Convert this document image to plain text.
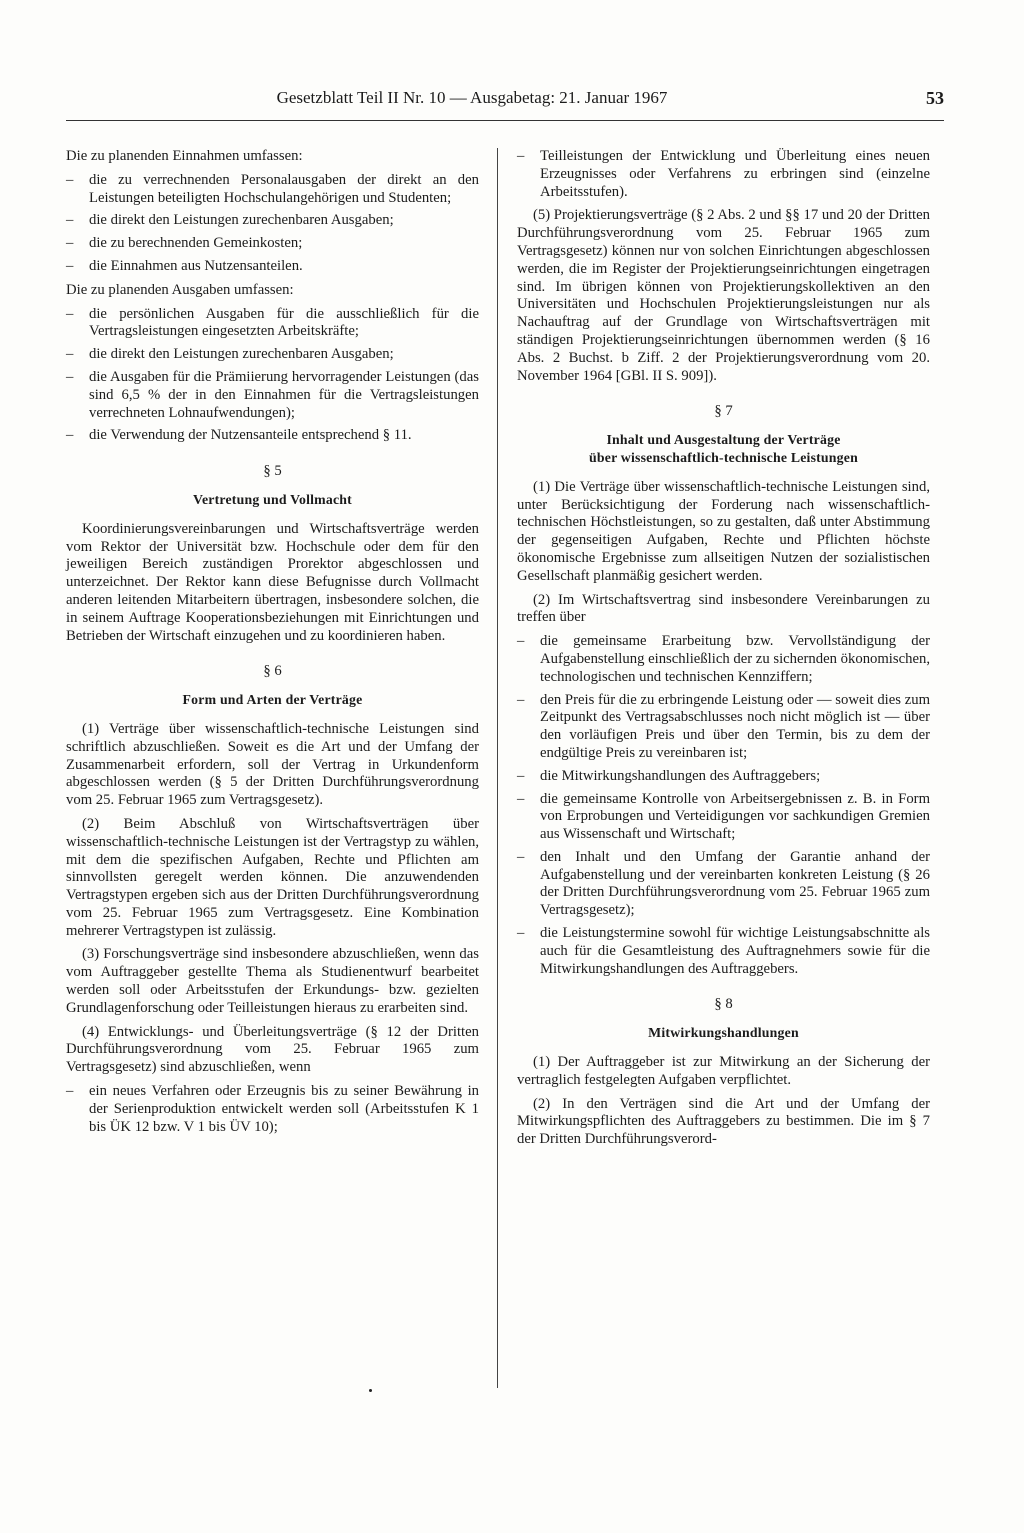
Gesetzblatt Teil II Nr. 10 — Ausgabetag: 21. Januar 1967	53

Die zu planenden Einnahmen umfassen:

– die zu verrechnenden Personalausgaben der direkt an den Leistungen beteiligten Hochschulangehörigen und Studenten;
– die direkt den Leistungen zurechenbaren Ausgaben;
– die zu berechnenden Gemeinkosten;
– die Einnahmen aus Nutzensanteilen.

Die zu planenden Ausgaben umfassen:

– die persönlichen Ausgaben für die ausschließlich für die Vertragsleistungen eingesetzten Arbeitskräfte;
– die direkt den Leistungen zurechenbaren Ausgaben;
– die Ausgaben für die Prämiierung hervorragender Leistungen (das sind 6,5 % der in den Einnahmen für die Vertragsleistungen verrechneten Lohnaufwendungen);
– die Verwendung der Nutzensanteile entsprechend § 11.
§ 5
Vertretung und Vollmacht

Koordinierungsvereinbarungen und Wirtschaftsverträge werden vom Rektor der Universität bzw. Hochschule oder dem für den jeweiligen Bereich zuständigen Prorektor abgeschlossen und unterzeichnet. Der Rektor kann diese Befugnisse durch Vollmacht anderen leitenden Mitarbeitern übertragen, insbesondere solchen, die in seinem Auftrage Kooperationsbeziehungen mit Einrichtungen und Betrieben der Wirtschaft einzugehen und zu koordinieren haben.

§ 6
Form und Arten der Verträge

(1) Verträge über wissenschaftlich-technische Leistungen sind schriftlich abzuschließen. Soweit es die Art und der Umfang der Zusammenarbeit erfordern, soll der Vertrag in Urkundenform abgeschlossen werden (§ 5 der Dritten Durchführungsverordnung vom 25. Februar 1965 zum Vertragsgesetz).

(2) Beim Abschluß von Wirtschaftsverträgen über wissenschaftlich-technische Leistungen ist der Vertragstyp zu wählen, mit dem die spezifischen Aufgaben, Rechte und Pflichten am sinnvollsten geregelt werden können. Die anzuwendenden Vertragstypen ergeben sich aus der Dritten Durchführungsverordnung vom 25. Februar 1965 zum Vertragsgesetz. Eine Kombination mehrerer Vertragstypen ist zulässig.

(3) Forschungsverträge sind insbesondere abzuschließen, wenn das vom Auftraggeber gestellte Thema als Studienentwurf bearbeitet werden soll oder Arbeitsstufen der Erkundungs- bzw. gezielten Grundlagenforschung oder Teilleistungen hieraus zu erarbeiten sind.

(4) Entwicklungs- und Überleitungsverträge (§ 12 der Dritten Durchführungsverordnung vom 25. Februar 1965 zum Vertragsgesetz) sind abzuschließen, wenn

– ein neues Verfahren oder Erzeugnis bis zu seiner Bewährung in der Serienproduktion entwickelt werden soll (Arbeitsstufen K 1 bis ÜK 12 bzw. V 1 bis ÜV 10);
– Teilleistungen der Entwicklung und Überleitung eines neuen Erzeugnisses oder Verfahrens zu erbringen sind (einzelne Arbeitsstufen).

(5) Projektierungsverträge (§ 2 Abs. 2 und §§ 17 und 20 der Dritten Durchführungsverordnung vom 25. Februar 1965 zum Vertragsgesetz) können nur von solchen Einrichtungen abgeschlossen werden, die im Register der Projektierungseinrichtungen eingetragen sind. Im übrigen können von Projektierungskollektiven an den Universitäten und Hochschulen Projektierungsleistungen nur als Nachauftrag auf der Grundlage von Wirtschaftsverträgen mit ständigen Projektierungseinrichtungen übernommen werden (§ 16 Abs. 2 Buchst. b Ziff. 2 der Projektierungsverordnung vom 20. November 1964 [GBl. II S. 909]).

§ 7
Inhalt und Ausgestaltung der Verträge
über wissenschaftlich-technische Leistungen

(1) Die Verträge über wissenschaftlich-technische Leistungen sind, unter Berücksichtigung der Forderung nach wissenschaftlich-technischen Höchstleistungen, so zu gestalten, daß unter Abstimmung der gegenseitigen Aufgaben, Rechte und Pflichten höchste ökonomische Ergebnisse zum allseitigen Nutzen der sozialistischen Gesellschaft planmäßig gesichert werden.

(2) Im Wirtschaftsvertrag sind insbesondere Vereinbarungen zu treffen über

– die gemeinsame Erarbeitung bzw. Vervollständigung der Aufgabenstellung einschließlich der zu sichernden ökonomischen, technologischen und technischen Kennziffern;
– den Preis für die zu erbringende Leistung oder — soweit dies zum Zeitpunkt des Vertragsabschlusses noch nicht möglich ist — über den vorläufigen Preis und über den Termin, bis zu dem der endgültige Preis zu vereinbaren ist;
– die Mitwirkungshandlungen des Auftraggebers;
– die gemeinsame Kontrolle von Arbeitsergebnissen z. B. in Form von Erprobungen und Verteidigungen vor sachkundigen Gremien aus Wissenschaft und Wirtschaft;
– den Inhalt und den Umfang der Garantie anhand der Aufgabenstellung und der vereinbarten konkreten Leistung (§ 26 der Dritten Durchführungsverordnung vom 25. Februar 1965 zum Vertragsgesetz);
– die Leistungstermine sowohl für wichtige Leistungsabschnitte als auch für die Gesamtleistung des Auftragnehmers sowie für die Mitwirkungshandlungen des Auftraggebers.
§ 8
Mitwirkungshandlungen

(1) Der Auftraggeber ist zur Mitwirkung an der Sicherung der vertraglich festgelegten Aufgaben verpflichtet.

(2) In den Verträgen sind die Art und der Umfang der Mitwirkungspflichten des Auftraggebers zu bestimmen. Die im § 7 der Dritten Durchführungsverord-
